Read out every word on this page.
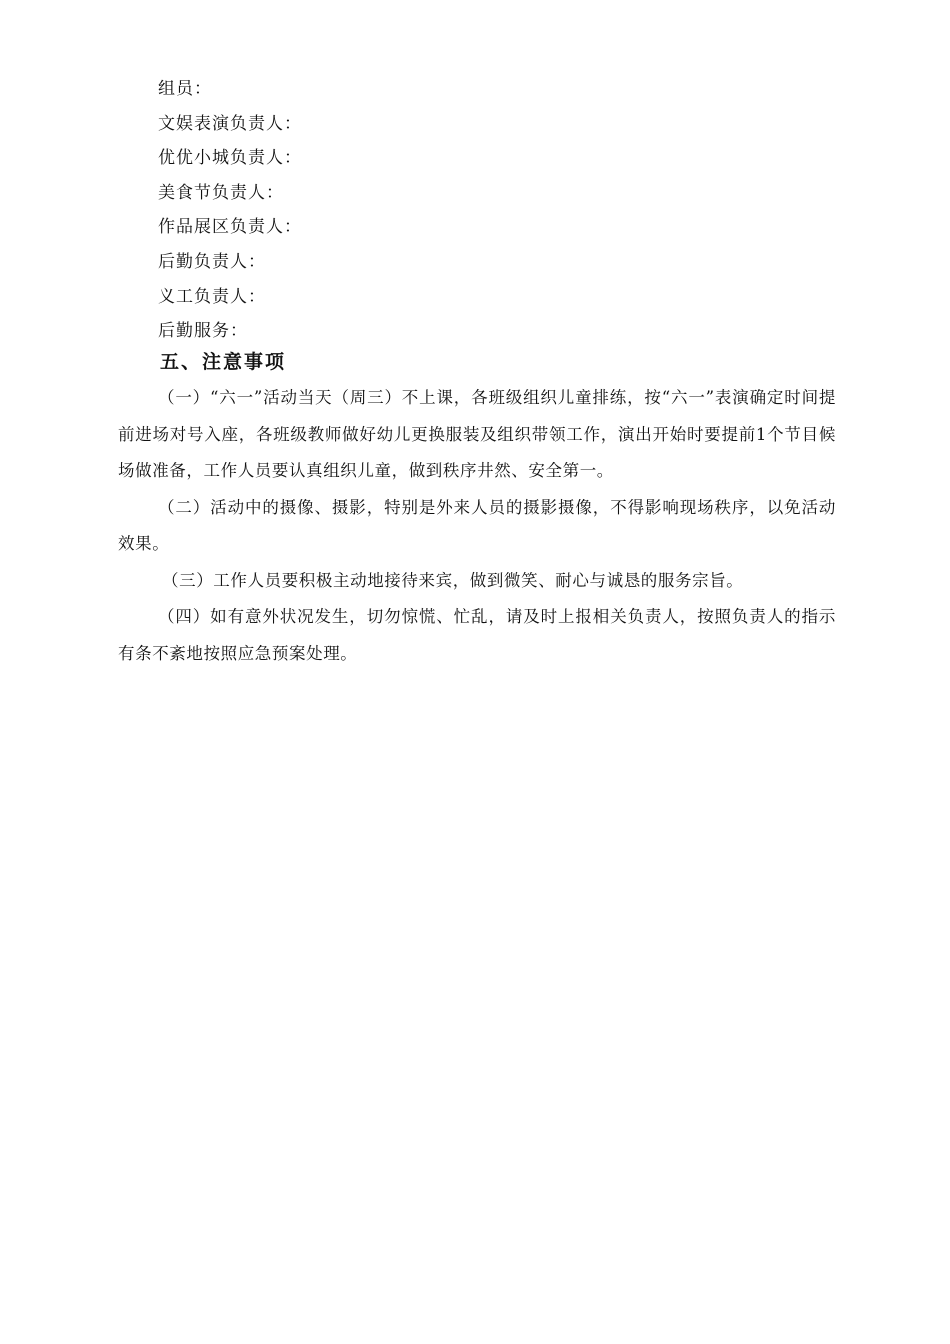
组员：
文娱表演负责人：
优优小城负责人：
美食节负责人：
作品展区负责人：
后勤负责人：
义工负责人：
后勤服务：
五、注意事项

（一）“六一”活动当天（周三）不上课，各班级组织儿童排练，按“六一”表演确定时间提前进场对号入座，各班级教师做好幼儿更换服装及组织带领工作，演出开始时要提前1个节目候场做准备，工作人员要认真组织儿童，做到秩序井然、安全第一。

（二）活动中的摄像、摄影，特别是外来人员的摄影摄像，不得影响现场秩序，以免活动效果。

（三）工作人员要积极主动地接待来宾，做到微笑、耐心与诚恳的服务宗旨。

（四）如有意外状况发生，切勿惊慌、忙乱，请及时上报相关负责人，按照负责人的指示有条不紊地按照应急预案处理。
